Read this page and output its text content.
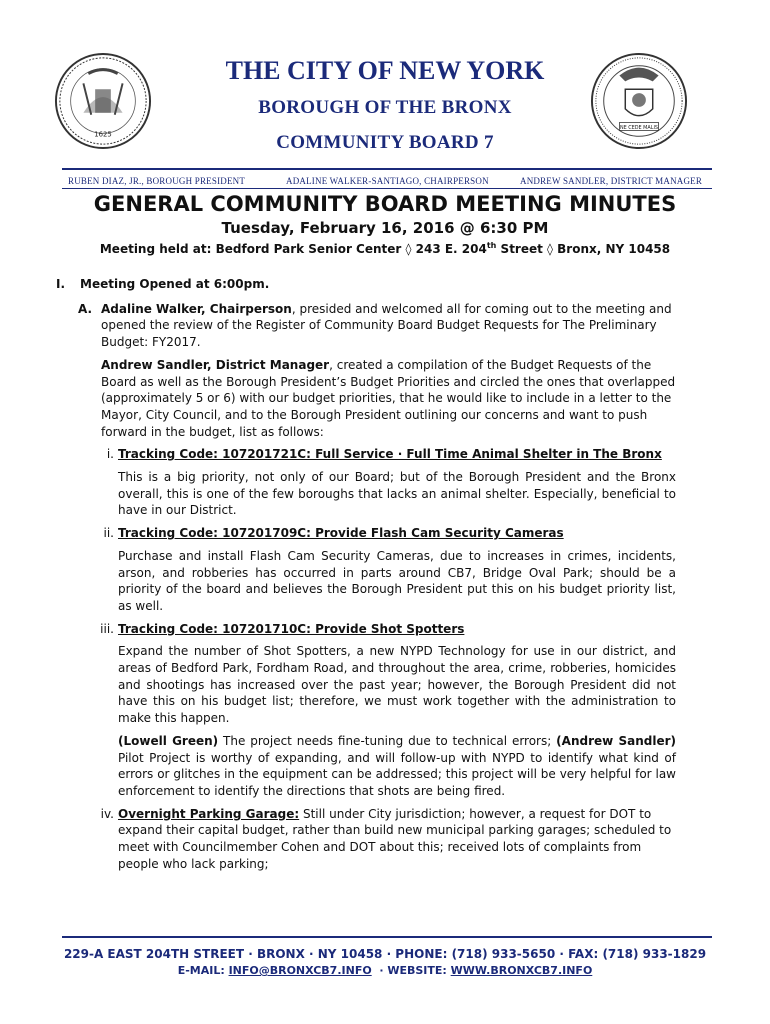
1625
NE CEDE MALIS
THE CITY OF NEW YORK
BOROUGH OF THE BRONX
COMMUNITY BOARD 7
RUBEN DIAZ, JR., BOROUGH PRESIDENT	ADALINE WALKER-SANTIAGO, CHAIRPERSON	ANDREW SANDLER, DISTRICT MANAGER
GENERAL COMMUNITY BOARD MEETING MINUTES
Tuesday, February 16, 2016 @ 6:30 PM
Meeting held at: Bedford Park Senior Center ◊ 243 E. 204th Street ◊ Bronx, NY 10458
I. Meeting Opened at 6:00pm.
A. Adaline Walker, Chairperson, presided and welcomed all for coming out to the meeting and opened the review of the Register of Community Board Budget Requests for The Preliminary Budget: FY2017.
Andrew Sandler, District Manager, created a compilation of the Budget Requests of the Board as well as the Borough President’s Budget Priorities and circled the ones that overlapped (approximately 5 or 6) with our budget priorities, that he would like to include in a letter to the Mayor, City Council, and to the Borough President outlining our concerns and want to push forward in the budget, list as follows:
i. Tracking Code: 107201721C: Full Service · Full Time Animal Shelter in The Bronx
This is a big priority, not only of our Board; but of the Borough President and the Bronx overall, this is one of the few boroughs that lacks an animal shelter. Especially, beneficial to have in our District.
ii. Tracking Code: 107201709C: Provide Flash Cam Security Cameras
Purchase and install Flash Cam Security Cameras, due to increases in crimes, incidents, arson, and robberies has occurred in parts around CB7, Bridge Oval Park; should be a priority of the board and believes the Borough President put this on his budget priority list, as well.
iii. Tracking Code: 107201710C: Provide Shot Spotters
Expand the number of Shot Spotters, a new NYPD Technology for use in our district, and areas of Bedford Park, Fordham Road, and throughout the area, crime, robberies, homicides and shootings has increased over the past year; however, the Borough President did not have this on his budget list; therefore, we must work together with the administration to make this happen.
(Lowell Green) The project needs fine-tuning due to technical errors; (Andrew Sandler) Pilot Project is worthy of expanding, and will follow-up with NYPD to identify what kind of errors or glitches in the equipment can be addressed; this project will be very helpful for law enforcement to identify the directions that shots are being fired.
iv. Overnight Parking Garage: Still under City jurisdiction; however, a request for DOT to expand their capital budget, rather than build new municipal parking garages; scheduled to meet with Councilmember Cohen and DOT about this; received lots of complaints from people who lack parking;
229-A EAST 204TH STREET · BRONX · NY 10458 · PHONE: (718) 933-5650 · FAX: (718) 933-1829
E-MAIL: INFO@BRONXCB7.INFO  · WEBSITE: WWW.BRONXCB7.INFO
